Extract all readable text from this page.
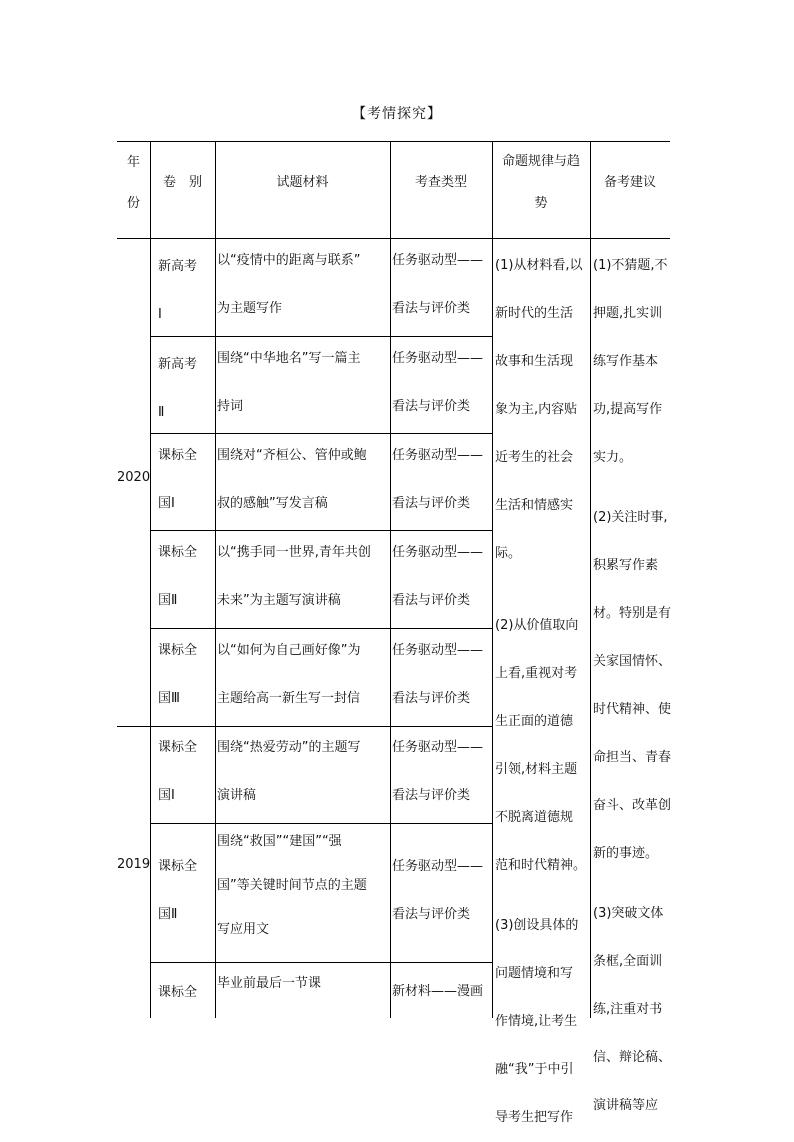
【考情探究】
年
份
卷　别	试题材料	考查类型
命题规律与趋
势
备考建议
2020
2019
新高考
Ⅰ
以“疫情中的距离与联系”
为主题写作
任务驱动型——
看法与评价类
新高考
Ⅱ
围绕“中华地名”写一篇主
持词
任务驱动型——
看法与评价类
课标全
国Ⅰ
围绕对“齐桓公、管仲或鲍
叔的感触”写发言稿
任务驱动型——
看法与评价类
课标全
国Ⅱ
以“携手同一世界,青年共创
未来”为主题写演讲稿
任务驱动型——
看法与评价类
课标全
国Ⅲ
以“如何为自己画好像”为
主题给高一新生写一封信
任务驱动型——
看法与评价类
课标全
国Ⅰ
围绕“热爱劳动”的主题写
演讲稿
任务驱动型——
看法与评价类
课标全
国Ⅱ
围绕“救国”“建国”“强
国”等关键时间节点的主题
写应用文
任务驱动型——
看法与评价类
课标全
毕业前最后一节课
新材料——漫画
(1)从材料看,以
新时代的生活
故事和生活现
象为主,内容贴
近考生的社会
生活和情感实
际。
(2)从价值取向
上看,重视对考
生正面的道德
引领,材料主题
不脱离道德规
范和时代精神。
(3)创设具体的
问题情境和写
作情境,让考生
融“我”于中引
导考生把写作
(1)不猜题,不
押题,扎实训
练写作基本
功,提高写作
实力。
(2)关注时事,
积累写作素
材。特别是有
关家国情怀、
时代精神、使
命担当、青春
奋斗、改革创
新的事迹。
(3)突破文体
条框,全面训
练,注重对书
信、辩论稿、
演讲稿等应
